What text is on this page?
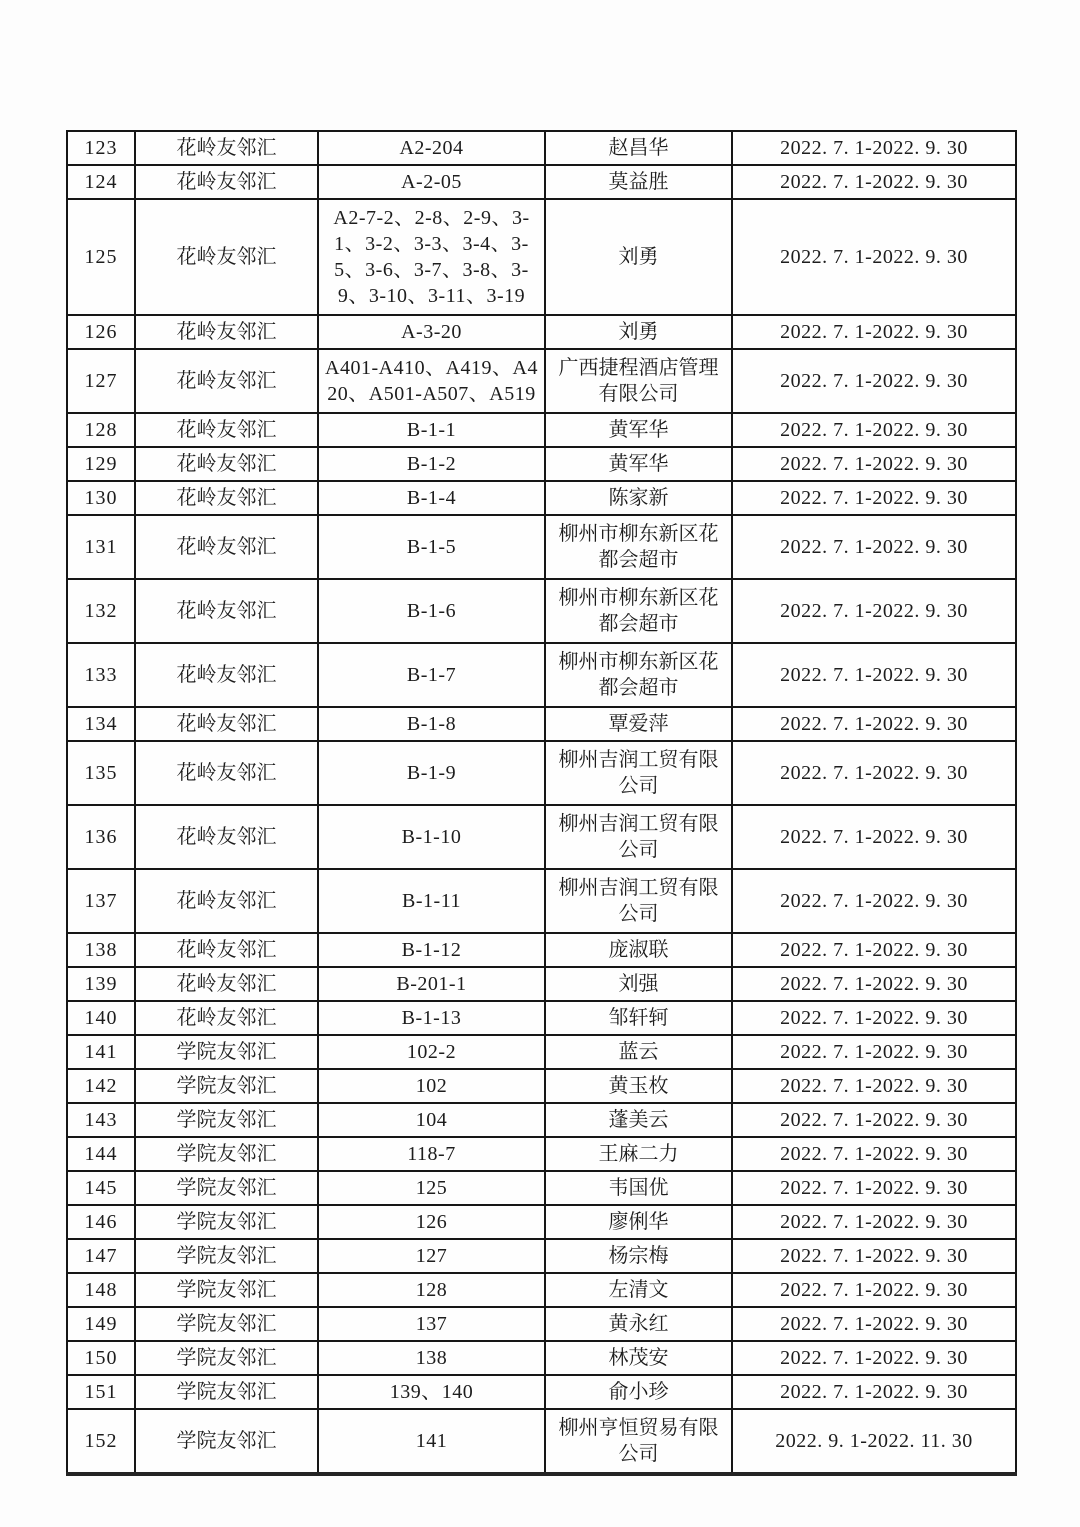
123	花岭友邻汇	A2-204	赵昌华	2022. 7. 1-2022. 9. 30
124	花岭友邻汇	A-2-05	莫益胜	2022. 7. 1-2022. 9. 30
125	花岭友邻汇	A2-7-2、2-8、2-9、3-1、3-2、3-3、3-4、3-5、3-6、3-7、3-8、3-9、3-10、3-11、3-19	刘勇	2022. 7. 1-2022. 9. 30
126	花岭友邻汇	A-3-20	刘勇	2022. 7. 1-2022. 9. 30
127	花岭友邻汇	A401-A410、A419、A420、A501-A507、A519	广西捷程酒店管理有限公司	2022. 7. 1-2022. 9. 30
128	花岭友邻汇	B-1-1	黄军华	2022. 7. 1-2022. 9. 30
129	花岭友邻汇	B-1-2	黄军华	2022. 7. 1-2022. 9. 30
130	花岭友邻汇	B-1-4	陈家新	2022. 7. 1-2022. 9. 30
131	花岭友邻汇	B-1-5	柳州市柳东新区花都会超市	2022. 7. 1-2022. 9. 30
132	花岭友邻汇	B-1-6	柳州市柳东新区花都会超市	2022. 7. 1-2022. 9. 30
133	花岭友邻汇	B-1-7	柳州市柳东新区花都会超市	2022. 7. 1-2022. 9. 30
134	花岭友邻汇	B-1-8	覃爱萍	2022. 7. 1-2022. 9. 30
135	花岭友邻汇	B-1-9	柳州吉润工贸有限公司	2022. 7. 1-2022. 9. 30
136	花岭友邻汇	B-1-10	柳州吉润工贸有限公司	2022. 7. 1-2022. 9. 30
137	花岭友邻汇	B-1-11	柳州吉润工贸有限公司	2022. 7. 1-2022. 9. 30
138	花岭友邻汇	B-1-12	庞淑联	2022. 7. 1-2022. 9. 30
139	花岭友邻汇	B-201-1	刘强	2022. 7. 1-2022. 9. 30
140	花岭友邻汇	B-1-13	邹轩轲	2022. 7. 1-2022. 9. 30
141	学院友邻汇	102-2	蓝云	2022. 7. 1-2022. 9. 30
142	学院友邻汇	102	黄玉枚	2022. 7. 1-2022. 9. 30
143	学院友邻汇	104	蓬美云	2022. 7. 1-2022. 9. 30
144	学院友邻汇	118-7	王麻二力	2022. 7. 1-2022. 9. 30
145	学院友邻汇	125	韦国优	2022. 7. 1-2022. 9. 30
146	学院友邻汇	126	廖俐华	2022. 7. 1-2022. 9. 30
147	学院友邻汇	127	杨宗梅	2022. 7. 1-2022. 9. 30
148	学院友邻汇	128	左清文	2022. 7. 1-2022. 9. 30
149	学院友邻汇	137	黄永红	2022. 7. 1-2022. 9. 30
150	学院友邻汇	138	林茂安	2022. 7. 1-2022. 9. 30
151	学院友邻汇	139、140	俞小珍	2022. 7. 1-2022. 9. 30
152	学院友邻汇	141	柳州亨恒贸易有限公司	2022. 9. 1-2022. 11. 30
